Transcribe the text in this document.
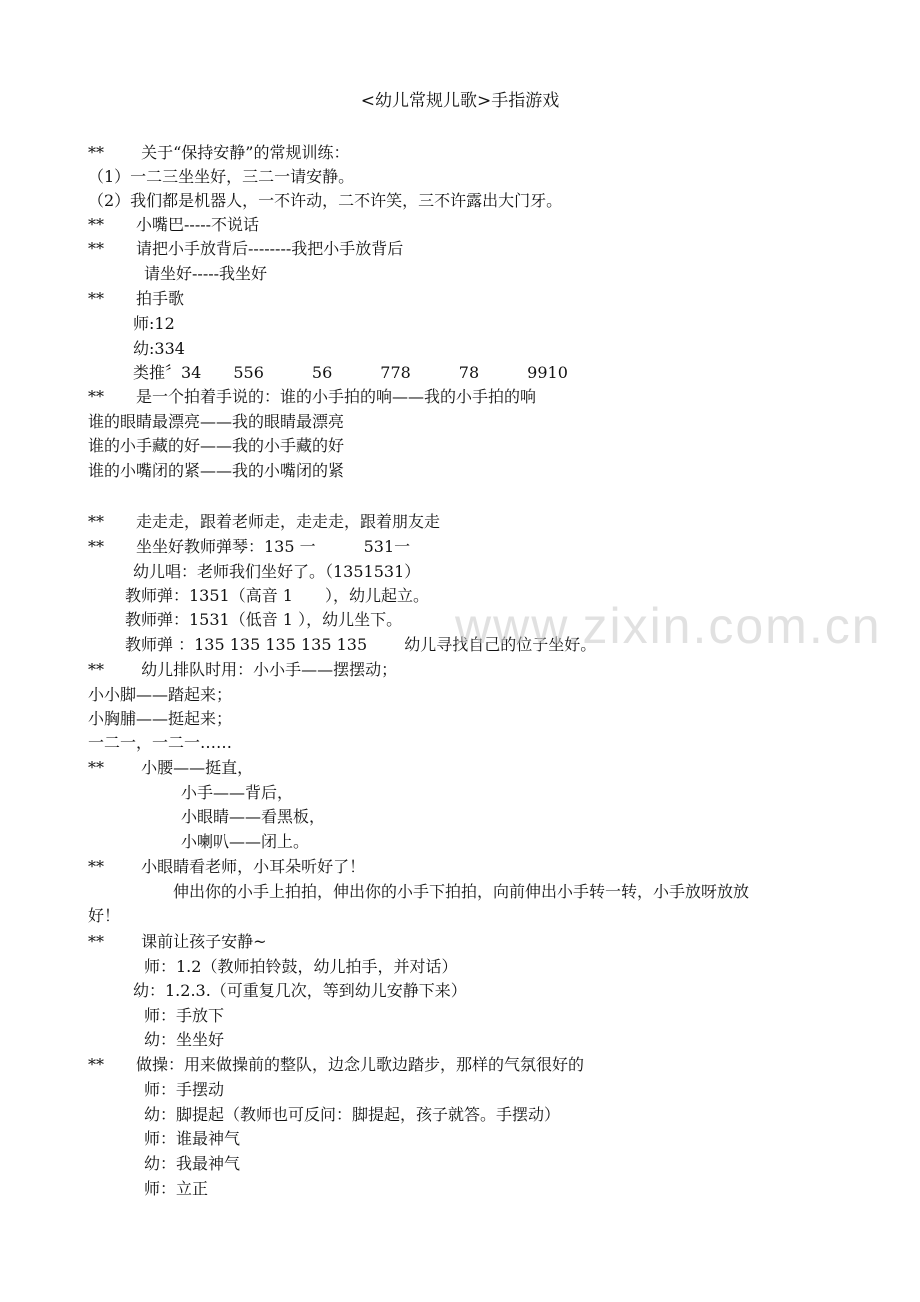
<幼儿常规儿歌>手指游戏
**　　 关于“保持安静”的常规训练：
（1）一二三坐坐好，三二一请安静。
（2）我们都是机器人，一不许动，二不许笑，三不许露出大门牙。
**　　小嘴巴-----不说话
**　　请把小手放背后--------我把小手放背后
请坐好-----我坐好
**　　拍手歌
师:12
幼:334
类推〞34　　556　　　56　　　778　　　78　　　9910
**　　是一个拍着手说的：谁的小手拍的响——我的小手拍的响
谁的眼睛最漂亮——我的眼睛最漂亮
谁的小手藏的好——我的小手藏的好
谁的小嘴闭的紧——我的小嘴闭的紧
**　　走走走，跟着老师走，走走走，跟着朋友走
**　　坐坐好教师弹琴：135 一　　　531一
幼儿唱：老师我们坐好了。（1351531）
教师弹：1351（高音 1　　），幼儿起立。
教师弹：1531（低音 1 ），幼儿坐下。
教师弹 ：135 135 135 135 135 　　幼儿寻找自己的位子坐好。
**　　 幼儿排队时用：小小手——摆摆动；
小小脚——踏起来；
小胸脯——挺起来；
一二一，一二一……
**　　 小腰——挺直，
小手——背后，
小眼睛——看黑板，
小喇叭——闭上。
**　　 小眼睛看老师，小耳朵听好了！
伸出你的小手上拍拍，伸出你的小手下拍拍，向前伸出小手转一转，小手放呀放放
好！
**　　 课前让孩子安静~
师：1.2（教师拍铃鼓，幼儿拍手，并对话）
幼：1.2.3.（可重复几次，等到幼儿安静下来）
师：手放下
幼：坐坐好
**　　做操：用来做操前的整队，边念儿歌边踏步，那样的气氛很好的
师：手摆动
幼：脚提起（教师也可反问：脚提起，孩子就答。手摆动）
师：谁最神气
幼：我最神气
师：立正
www.zixin.com.cn
